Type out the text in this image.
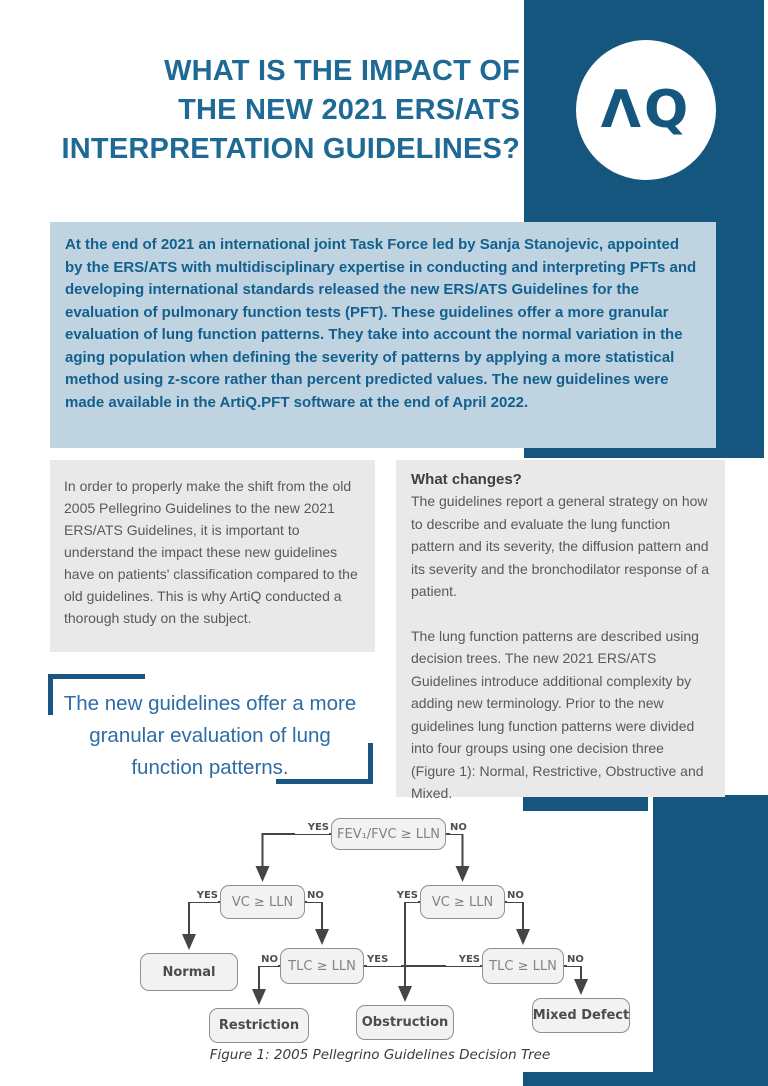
WHAT IS THE IMPACT OF
THE NEW 2021 ERS/ATS
INTERPRETATION GUIDELINES?
ΛQ

At the end of 2021 an international joint Task Force led by Sanja Stanojevic, appointed by the ERS/ATS with multidisciplinary expertise in conducting and interpreting PFTs and developing international standards released the new ERS/ATS Guidelines for the evaluation of pulmonary function tests (PFT). These guidelines offer a more granular evaluation of lung function patterns. They take into account the normal variation in the aging population when defining the severity of patterns by applying a more statistical method using z-score rather than percent predicted values. The new guidelines were made available in the ArtiQ.PFT software at the end of April 2022.

In order to properly make the shift from the old 2005 Pellegrino Guidelines to the new 2021 ERS/ATS Guidelines, it is important to understand the impact these new guidelines have on patients' classification compared to the old guidelines. This is why ArtiQ conducted a thorough study on the subject.

What changes?

The guidelines report a general strategy on how to describe and evaluate the lung function pattern and its severity, the diffusion pattern and its severity and the bronchodilator response of a patient.

The lung function patterns are described using decision trees. The new 2021 ERS/ATS Guidelines introduce additional complexity by adding new terminology. Prior to the new guidelines lung function patterns were divided into four groups using one decision three (Figure 1): Normal, Restrictive, Obstructive and Mixed.

The new guidelines offer a more granular evaluation of lung function patterns.

FEV₁/FVC ≥ LLN
VC ≥ LLN	VC ≥ LLN
TLC ≥ LLN	TLC ≥ LLN
Normal
Restriction	Obstruction	Mixed Defect
YES	NO
YES	NO	YES	NO
NO	YES	YES	NO
Figure 1: 2005 Pellegrino Guidelines Decision Tree
